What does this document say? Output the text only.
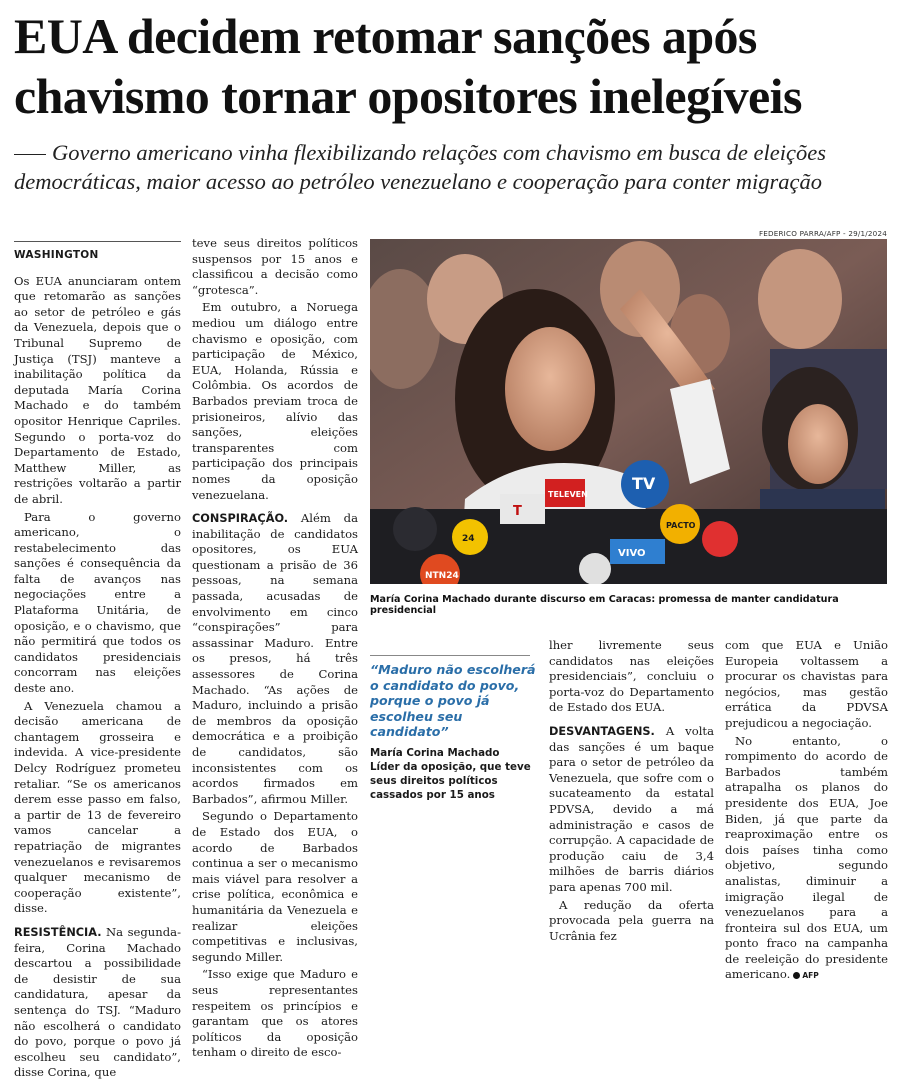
EUA decidem retomar sanções após chavismo tornar opositores inelegíveis
Governo americano vinha flexibilizando relações com chavismo em busca de eleições democráticas, maior acesso ao petróleo venezuelano e cooperação para conter migração

WASHINGTON

Os EUA anunciaram ontem que retomarão as sanções ao setor de petróleo e gás da Venezuela, depois que o Tribunal Supremo de Justiça (TSJ) manteve a inabilitação política da deputada María Corina Machado e do também opositor Henrique Capriles. Segundo o porta-voz do Departamento de Estado, Matthew Miller, as restrições voltarão a partir de abril.

Para o governo americano, o restabelecimento das sanções é consequência da falta de avanços nas negociações entre a Plataforma Unitária, de oposição, e o chavismo, que não permitirá que todos os candidatos presidenciais concorram nas eleições deste ano.

A Venezuela chamou a decisão americana de chantagem grosseira e indevida. A vice-presidente Delcy Rodríguez prometeu retaliar. “Se os americanos derem esse passo em falso, a partir de 13 de fevereiro vamos cancelar a repatriação de migrantes venezuelanos e revisaremos qualquer mecanismo de cooperação existente”, disse.

RESISTÊNCIA. Na segunda-feira, Corina Machado descartou a possibilidade de desistir de sua candidatura, apesar da sentença do TSJ. “Maduro não escolherá o candidato do povo, porque o povo já escolheu seu candidato”, disse Corina, que

teve seus direitos políticos suspensos por 15 anos e classificou a decisão como “grotesca”.

Em outubro, a Noruega mediou um diálogo entre chavismo e oposição, com participação de México, EUA, Holanda, Rússia e Colômbia. Os acordos de Barbados previam troca de prisioneiros, alívio das sanções, eleições transparentes com participação dos principais nomes da oposição venezuelana.

CONSPIRAÇÃO. Além da inabilitação de candidatos opositores, os EUA questionam a prisão de 36 pessoas, na semana passada, acusadas de envolvimento em cinco “conspirações” para assassinar Maduro. Entre os presos, há três assessores de Corina Machado. “As ações de Maduro, incluindo a prisão de membros da oposição democrática e a proibição de candidatos, são inconsistentes com os acordos firmados em Barbados”, afirmou Miller.

Segundo o Departamento de Estado dos EUA, o acordo de Barbados continua a ser o mecanismo mais viável para resolver a crise política, econômica e humanitária da Venezuela e realizar eleições competitivas e inclusivas, segundo Miller.

“Isso exige que Maduro e seus representantes respeitem os princípios e garantam que os atores políticos da oposição tenham o direito de esco-

FEDERICO PARRA/AFP - 29/1/2024
TV
T
TELEVEN
PACTO
VIVO
NTN24
24
María Corina Machado durante discurso em Caracas: promessa de manter candidatura presidencial
“Maduro não escolherá o candidato do povo, porque o povo já escolheu seu candidato”
María Corina Machado
Líder da oposição, que teve seus direitos políticos cassados por 15 anos

lher livremente seus candidatos nas eleições presidenciais”, concluiu o porta-voz do Departamento de Estado dos EUA.

DESVANTAGENS. A volta das sanções é um baque para o setor de petróleo da Venezuela, que sofre com o sucateamento da estatal PDVSA, devido a má administração e casos de corrupção. A capacidade de produção caiu de 3,4 milhões de barris diários para apenas 700 mil.

A redução da oferta provocada pela guerra na Ucrânia fez

com que EUA e União Europeia voltassem a procurar os chavistas para negócios, mas gestão errática da PDVSA prejudicou a negociação.

No entanto, o rompimento do acordo de Barbados também atrapalha os planos do presidente dos EUA, Joe Biden, já que parte da reaproximação entre os dois países tinha como objetivo, segundo analistas, diminuir a imigração ilegal de venezuelanos para a fronteira sul dos EUA, um ponto fraco na campanha de reeleição do presidente americano. AFP
